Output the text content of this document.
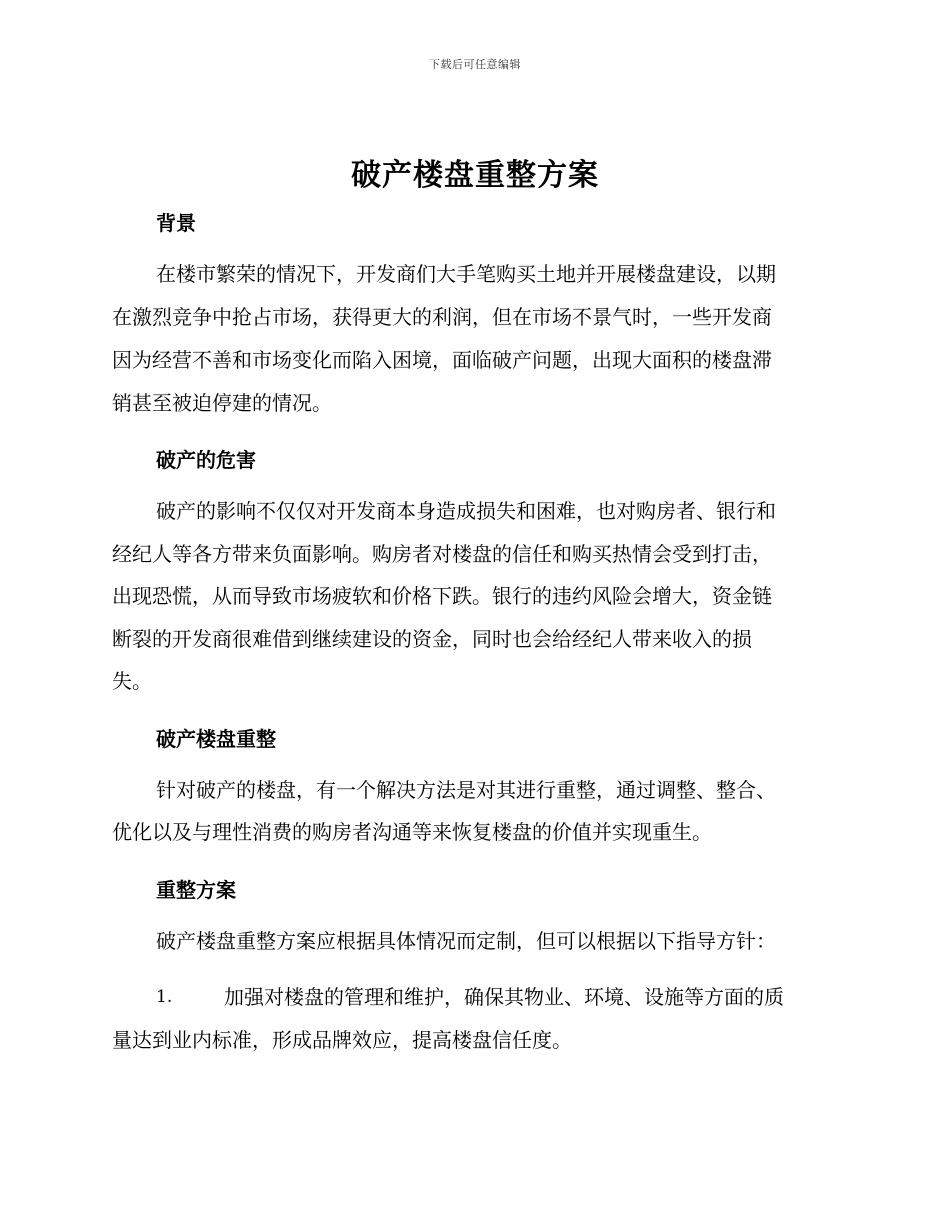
下载后可任意编辑
破产楼盘重整方案
背景
在楼市繁荣的情况下，开发商们大手笔购买土地并开展楼盘建设，以期
在激烈竞争中抢占市场，获得更大的利润，但在市场不景气时，一些开发商
因为经营不善和市场变化而陷入困境，面临破产问题，出现大面积的楼盘滞
销甚至被迫停建的情况。
破产的危害
破产的影响不仅仅对开发商本身造成损失和困难，也对购房者、银行和
经纪人等各方带来负面影响。购房者对楼盘的信任和购买热情会受到打击，
出现恐慌，从而导致市场疲软和价格下跌。银行的违约风险会增大，资金链
断裂的开发商很难借到继续建设的资金，同时也会给经纪人带来收入的损
失。
破产楼盘重整
针对破产的楼盘，有一个解决方法是对其进行重整，通过调整、整合、
优化以及与理性消费的购房者沟通等来恢复楼盘的价值并实现重生。
重整方案
破产楼盘重整方案应根据具体情况而定制，但可以根据以下指导方针：
1.	加强对楼盘的管理和维护，确保其物业、环境、设施等方面的质
量达到业内标准，形成品牌效应，提高楼盘信任度。
